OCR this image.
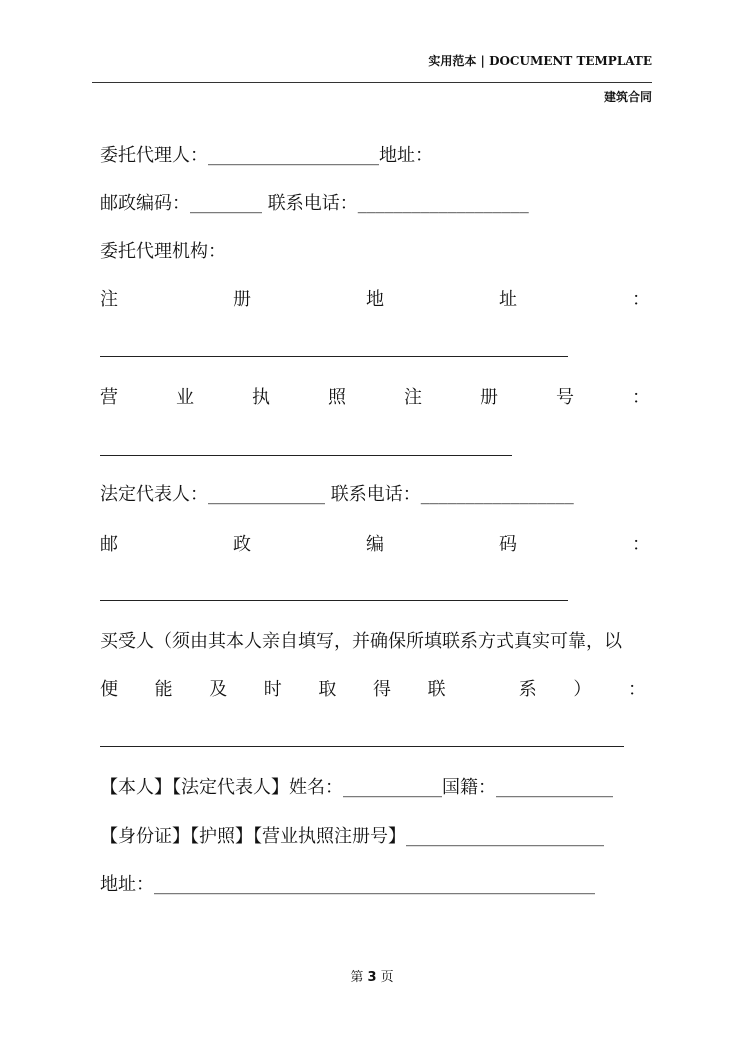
实用范本 | DOCUMENT TEMPLATE
建筑合同
委托代理人：___________________地址：
邮政编码：________ 联系电话：___________________
委托代理机构：
注	册	地	址	：
营	业	执	照	注	册	号	：
法定代表人：_____________ 联系电话：_________________
邮	政	编	码	：
买受人（须由其本人亲自填写，并确保所填联系方式真实可靠，以
便 能 及 时 取 得 联	系 ） ：
【本人】【法定代表人】姓名：___________国籍：_____________
【身份证】【护照】【营业执照注册号】______________________
地址：_________________________________________________
第 3 页
